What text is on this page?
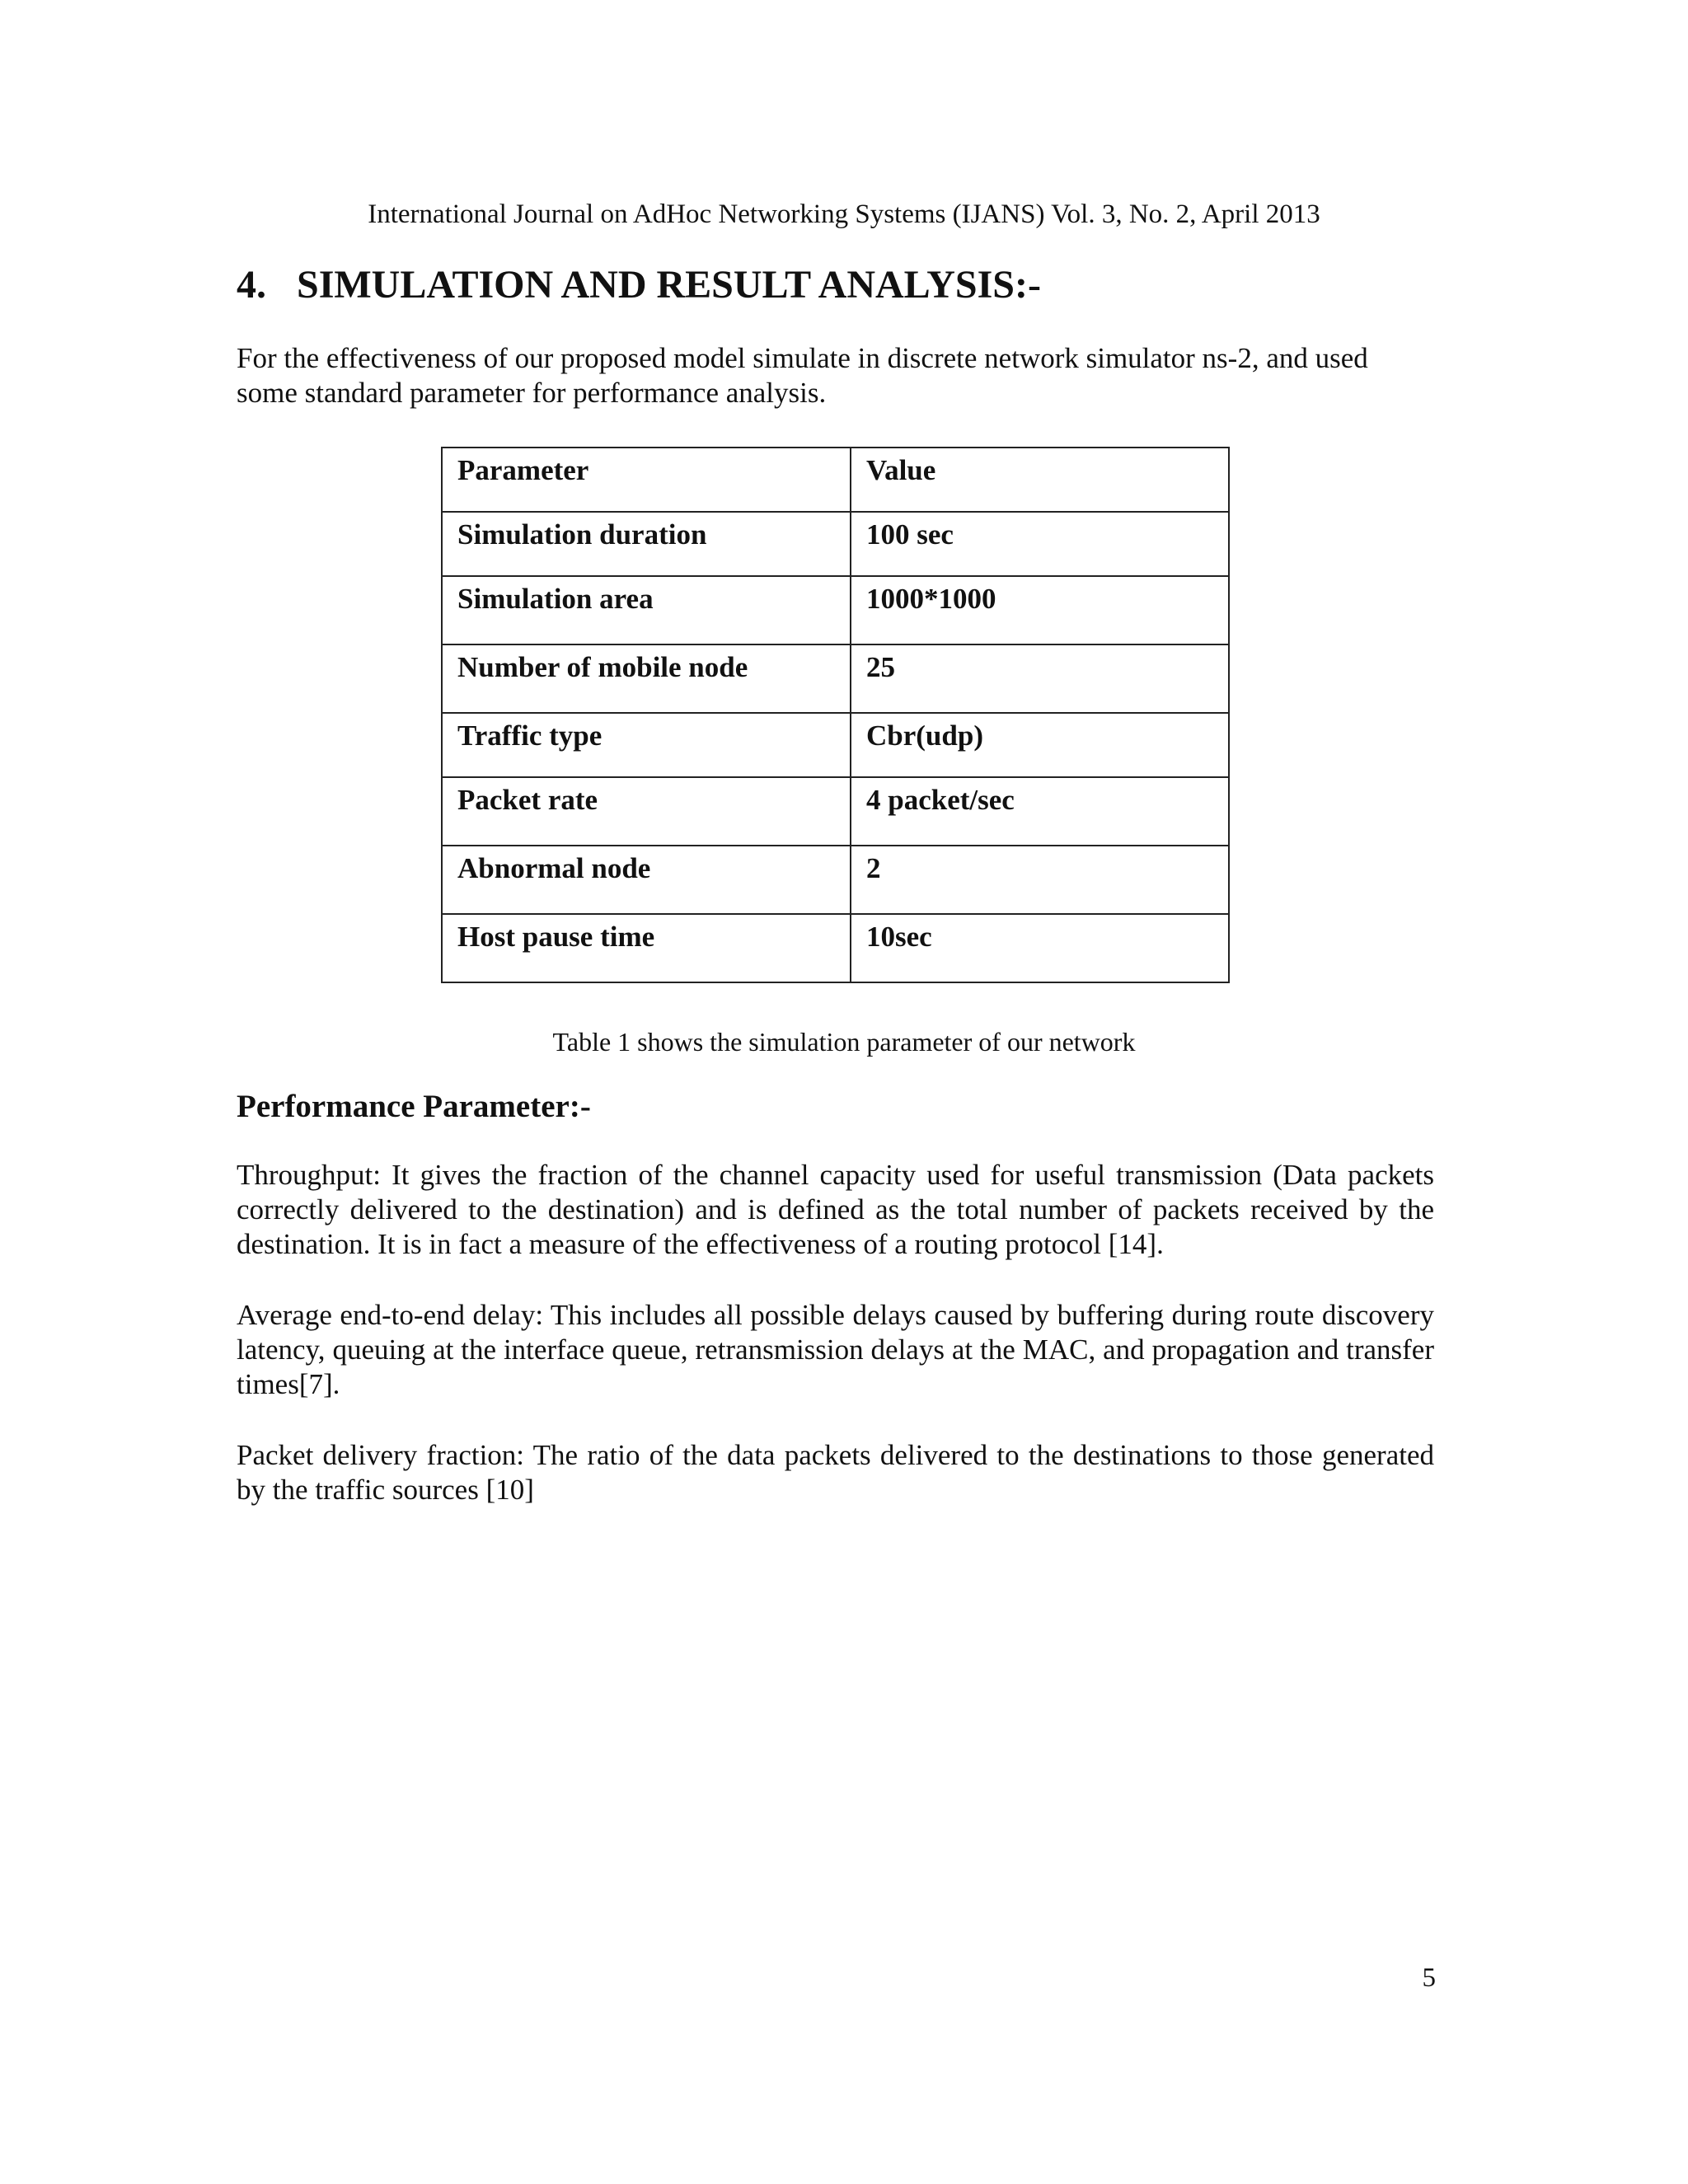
International Journal on AdHoc Networking Systems (IJANS) Vol. 3, No. 2, April 2013
4. SIMULATION AND RESULT ANALYSIS:-

For the effectiveness of our proposed model simulate in discrete network simulator ns-2, and used some standard parameter for performance analysis.

Parameter	Value

Simulation duration	100 sec

Simulation area	1000*1000

Number of mobile node	25

Traffic type	Cbr(udp)

Packet rate	4 packet/sec

Abnormal node	2

Host pause time	10sec
Table 1 shows the simulation parameter of our network
Performance Parameter:-

Throughput: It gives the fraction of the channel capacity used for useful transmission (Data packets correctly delivered to the destination) and is defined as the total number of packets received by the destination. It is in fact a measure of the effectiveness of a routing protocol [14].

Average end-to-end delay: This includes all possible delays caused by buffering during route discovery latency, queuing at the interface queue, retransmission delays at the MAC, and propagation and transfer times[7].

Packet delivery fraction: The ratio of the data packets delivered to the destinations to those generated by the traffic sources [10]

5
